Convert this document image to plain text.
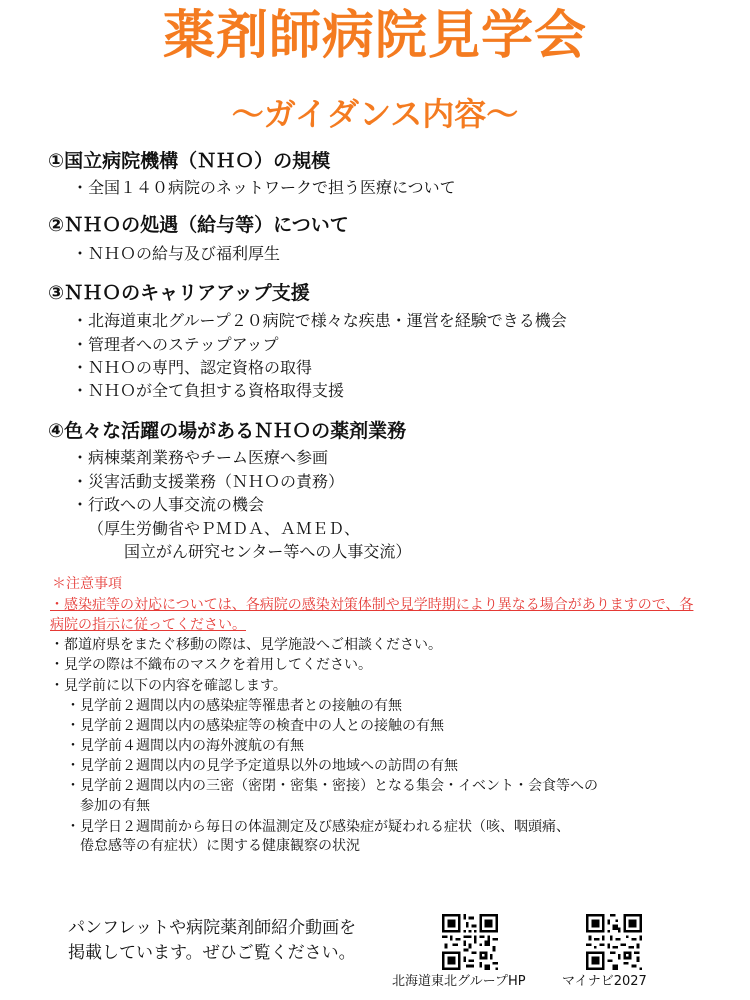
薬剤師病院見学会
〜ガイダンス内容〜
①国立病院機構（ＮＨＯ）の規模
・全国１４０病院のネットワークで担う医療について
②ＮＨＯの処遇（給与等）について
・ＮＨＯの給与及び福利厚生
③ＮＨＯのキャリアアップ支援
・北海道東北グループ２０病院で様々な疾患・運営を経験できる機会
・管理者へのステップアップ
・ＮＨＯの専門、認定資格の取得
・ＮＨＯが全て負担する資格取得支援
④色々な活躍の場があるＮＨＯの薬剤業務
・病棟薬剤業務やチーム医療へ参画
・災害活動支援業務（ＮＨＯの責務）
・行政への人事交流の機会
（厚生労働省やＰＭＤＡ、ＡＭＥＤ、
国立がん研究センター等への人事交流）
＊注意事項
・感染症等の対応については、各病院の感染対策体制や見学時期により異なる場合がありますので、各病院の指示に従ってください。
・都道府県をまたぐ移動の際は、見学施設へご相談ください。
・見学の際は不織布のマスクを着用してください。
・見学前に以下の内容を確認します。
・見学前２週間以内の感染症等罹患者との接触の有無
・見学前２週間以内の感染症等の検査中の人との接触の有無
・見学前４週間以内の海外渡航の有無
・見学前２週間以内の見学予定道県以外の地域への訪問の有無
・見学前２週間以内の三密（密閉・密集・密接）となる集会・イベント・会食等への
参加の有無
・見学日２週間前から毎日の体温測定及び感染症が疑われる症状（咳、咽頭痛、
倦怠感等の有症状）に関する健康観察の状況
パンフレットや病院薬剤師紹介動画を
掲載しています。ぜひご覧ください。
北海道東北グループHP	マイナビ2027
